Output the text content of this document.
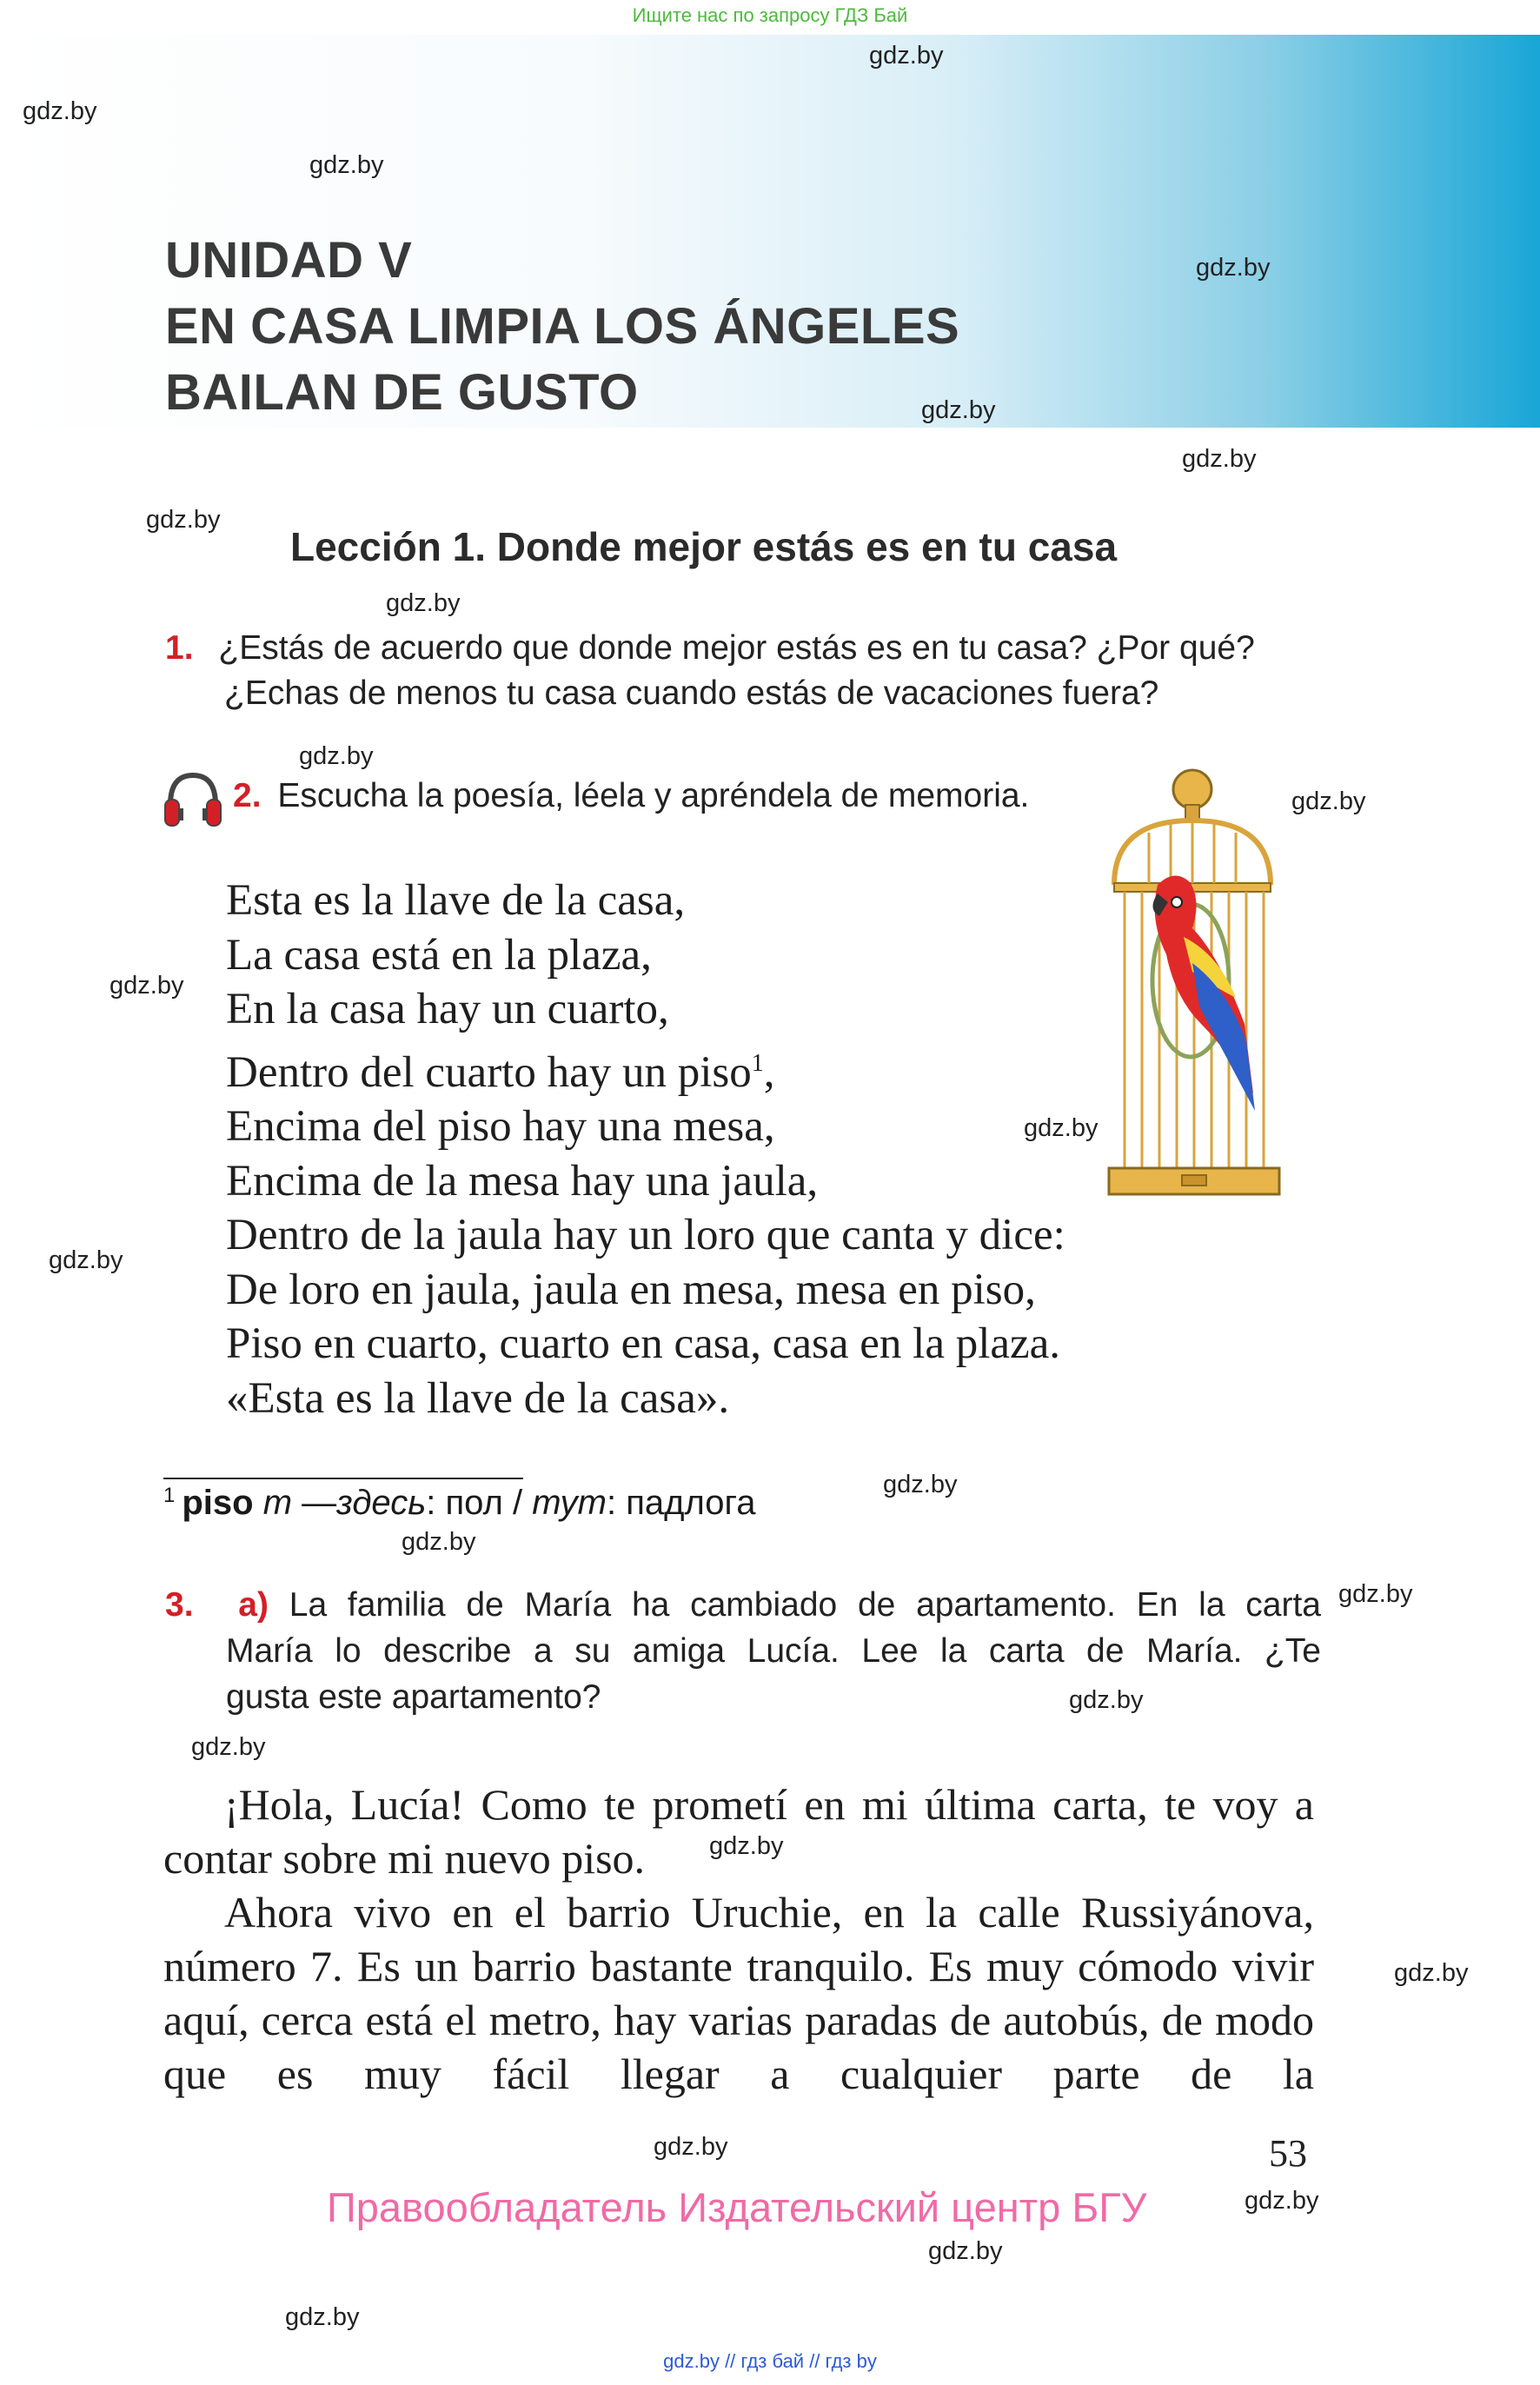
Ищите нас по запросу ГДЗ Бай
UNIDAD V
EN CASA LIMPIA LOS ÁNGELES
BAILAN DE GUSTO
Lección 1. Donde mejor estás es en tu casa
1. ¿Estás de acuerdo que donde mejor estás es en tu casa? ¿Por qué?
¿Echas de menos tu casa cuando estás de vacaciones fuera?
2. Escucha la poesía, léela y apréndela de memoria.
Esta es la llave de la casa,
La casa está en la plaza,
En la casa hay un cuarto,
Dentro del cuarto hay un piso$^1$,
Encima del piso hay una mesa,
Encima de la mesa hay una jaula,
Dentro de la jaula hay un loro que canta y dice:
De loro en jaula, jaula en mesa, mesa en piso,
Piso en cuarto, cuarto en casa, casa en la plaza.
«Esta es la llave de la casa».
$^1$ piso m —здесь: пол / тут: падлога
3. a) La familia de María ha cambiado de apartamento. En la carta
María lo describe a su amiga Lucía. Lee la carta de María. ¿Te
gusta este apartamento?

¡Hola, Lucía! Como te prometí en mi última carta, te voy a contar sobre mi nuevo piso.

Ahora vivo en el barrio Uruchie, en la calle Russiyánova, número 7. Es un barrio bastante tranquilo. Es muy cómodo vivir aquí, cerca está el metro, hay varias paradas de autobús, de modo que es muy fácil llegar a cualquier parte de la

53
Правообладатель Издательский центр БГУ
gdz.by // гдз бай // гдз by
gdz.by
gdz.by
gdz.by
gdz.by
gdz.by
gdz.by
gdz.by
gdz.by
gdz.by
gdz.by
gdz.by
gdz.by
gdz.by
gdz.by
gdz.by
gdz.by
gdz.by
gdz.by
gdz.by
gdz.by
gdz.by
gdz.by
gdz.by
gdz.by
